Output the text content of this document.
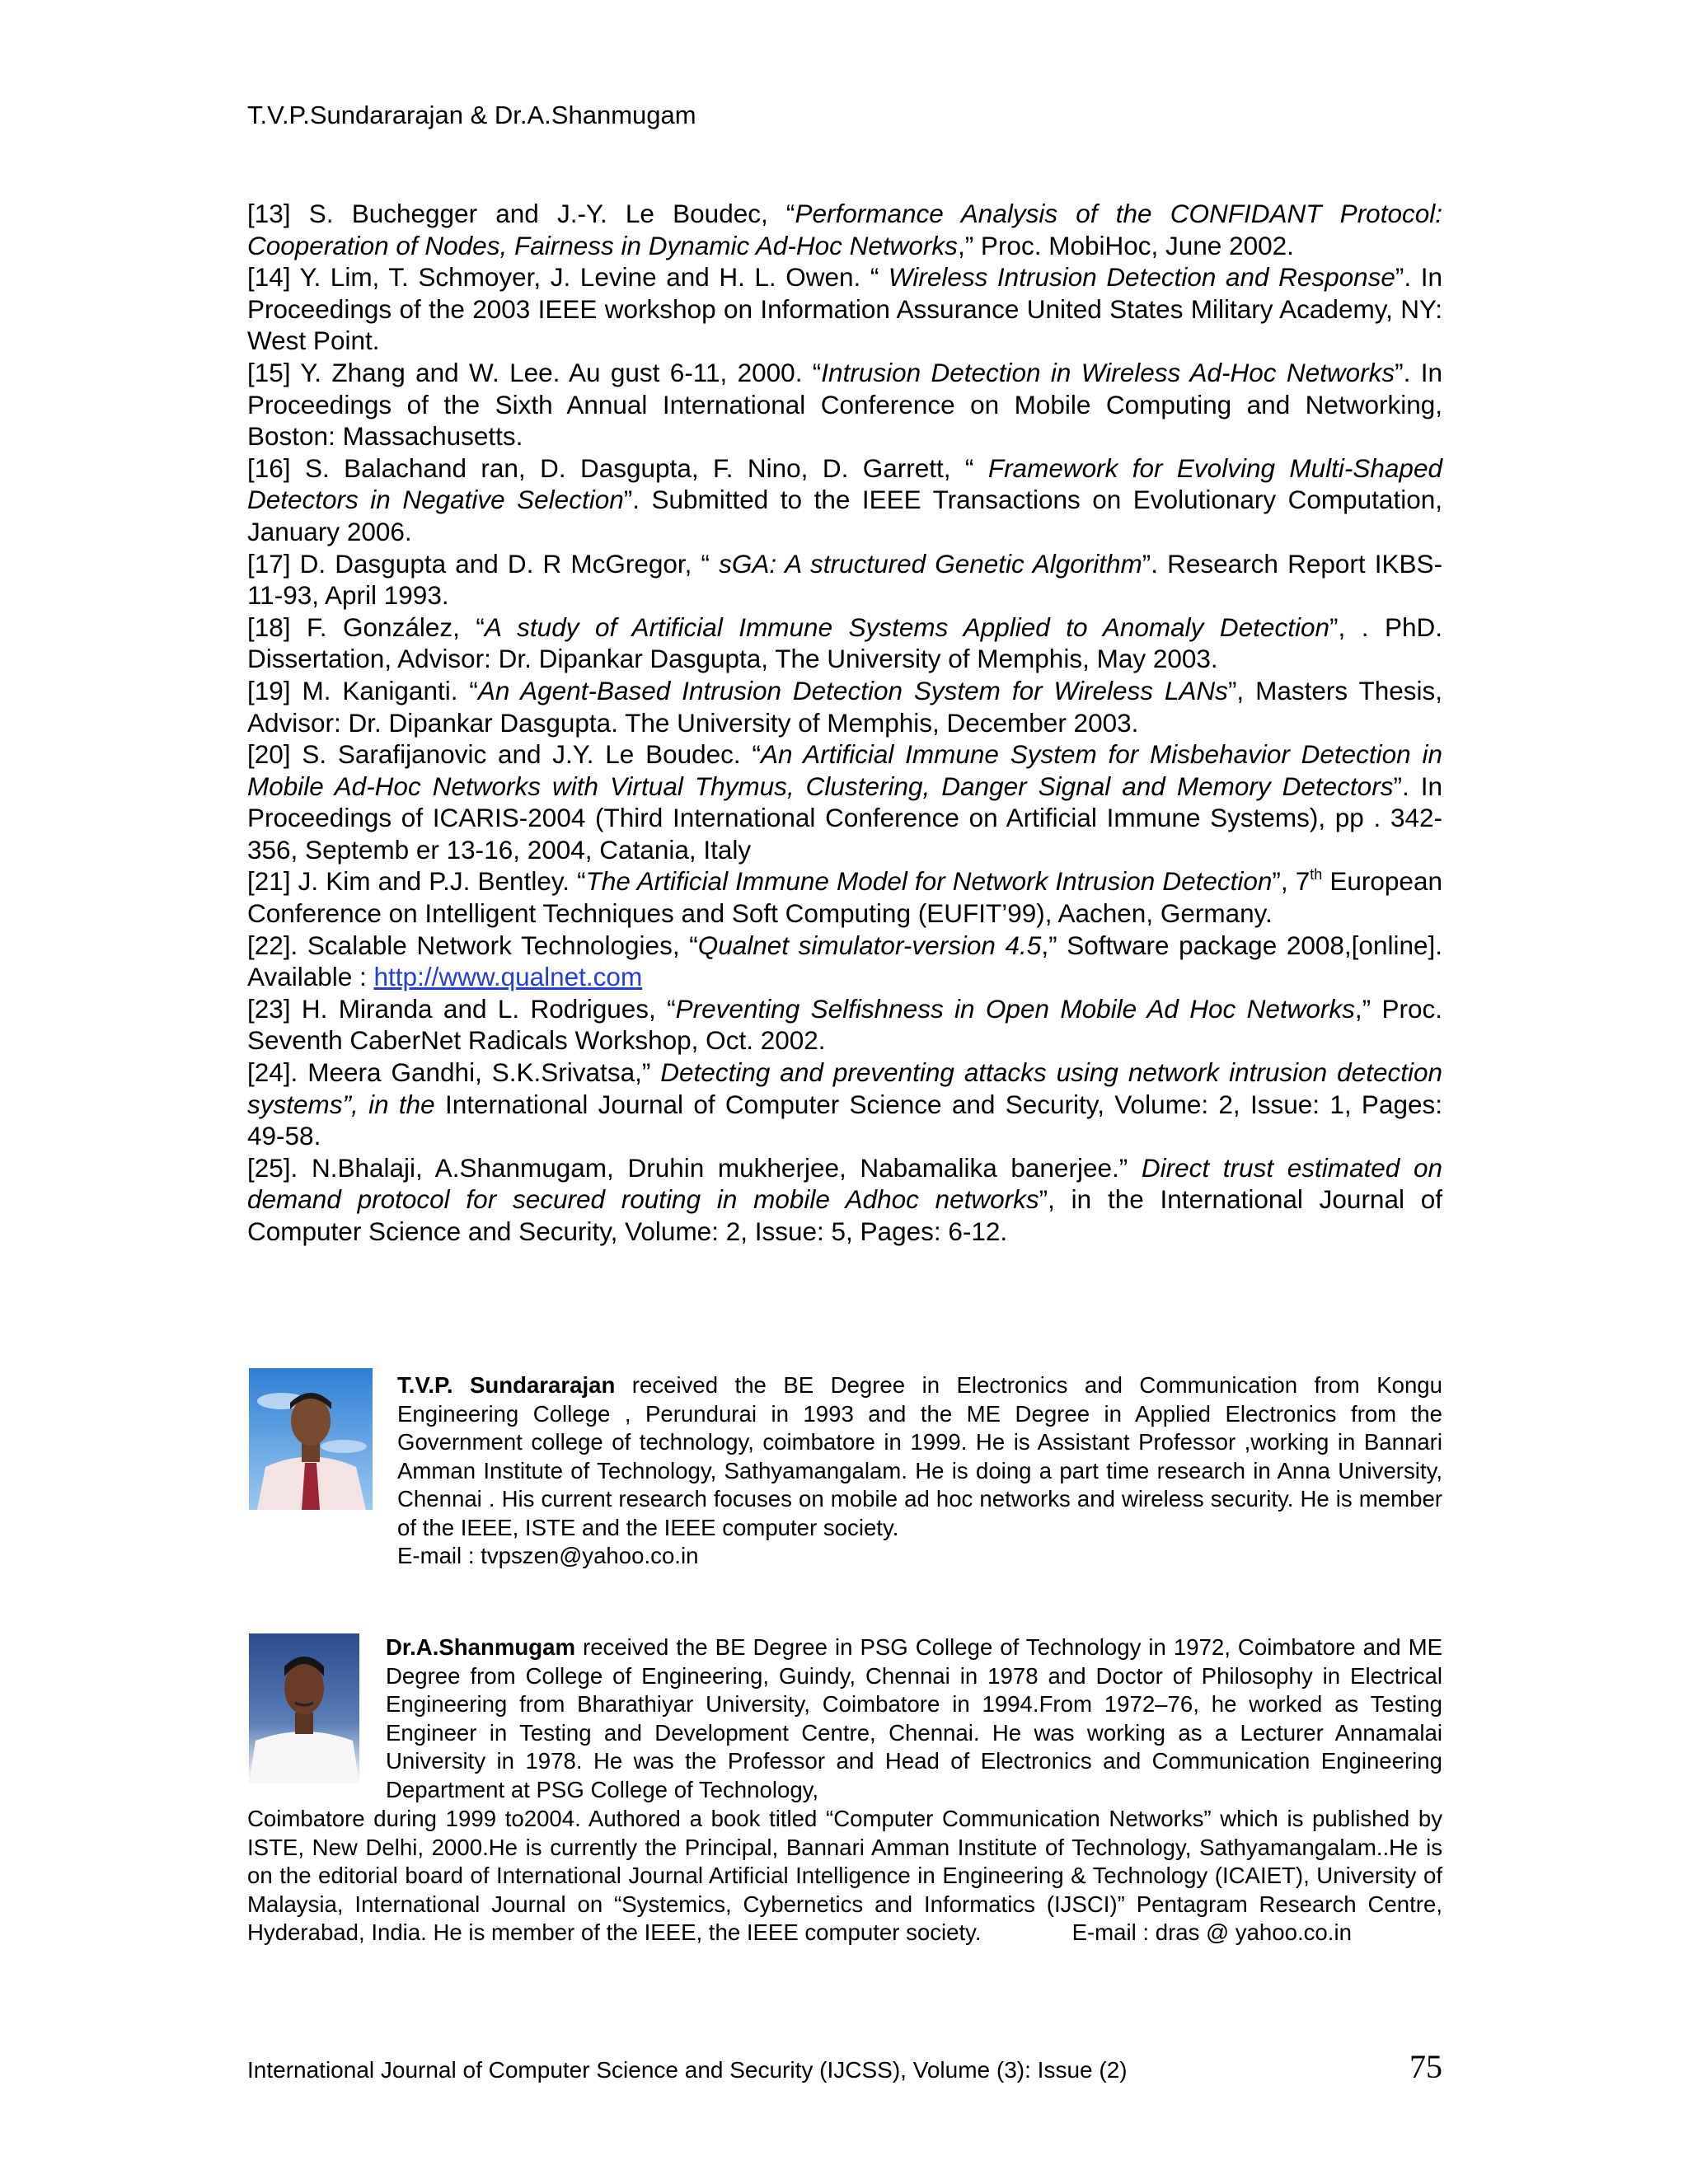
T.V.P.Sundararajan & Dr.A.Shanmugam

[13] S. Buchegger and J.-Y. Le Boudec, “Performance Analysis of the CONFIDANT Protocol: Cooperation of Nodes, Fairness in Dynamic Ad-Hoc Networks,” Proc. MobiHoc, June 2002.

[14] Y. Lim, T. Schmoyer, J. Levine and H. L. Owen. “ Wireless Intrusion Detection and Response”. In Proceedings of the 2003 IEEE workshop on Information Assurance United States Military Academy, NY: West Point.

[15] Y. Zhang and W. Lee. Au gust 6-11, 2000. “Intrusion Detection in Wireless Ad-Hoc Networks”. In Proceedings of the Sixth Annual International Conference on Mobile Computing and Networking, Boston: Massachusetts.

[16] S. Balachand ran, D. Dasgupta, F. Nino, D. Garrett, “ Framework for Evolving Multi-Shaped Detectors in Negative Selection”. Submitted to the IEEE Transactions on Evolutionary Computation, January 2006.

[17] D. Dasgupta and D. R McGregor, “ sGA: A structured Genetic Algorithm”. Research Report IKBS-11-93, April 1993.

[18] F. González, “A study of Artificial Immune Systems Applied to Anomaly Detection”, . PhD. Dissertation, Advisor: Dr. Dipankar Dasgupta, The University of Memphis, May 2003.

[19] M. Kaniganti. “An Agent-Based Intrusion Detection System for Wireless LANs”, Masters Thesis, Advisor: Dr. Dipankar Dasgupta. The University of Memphis, December 2003.

[20] S. Sarafijanovic and J.Y. Le Boudec. “An Artificial Immune System for Misbehavior Detection in Mobile Ad-Hoc Networks with Virtual Thymus, Clustering, Danger Signal and Memory Detectors”. In Proceedings of ICARIS-2004 (Third International Conference on Artificial Immune Systems), pp . 342-356, Septemb er 13-16, 2004, Catania, Italy

[21] J. Kim and P.J. Bentley. “The Artificial Immune Model for Network Intrusion Detection”, 7th European Conference on Intelligent Techniques and Soft Computing (EUFIT’99), Aachen, Germany.

[22]. Scalable Network Technologies, “Qualnet simulator-version 4.5,” Software package 2008,[online]. Available : http://www.qualnet.com

[23] H. Miranda and L. Rodrigues, “Preventing Selfishness in Open Mobile Ad Hoc Networks,” Proc. Seventh CaberNet Radicals Workshop, Oct. 2002.

[24]. Meera Gandhi, S.K.Srivatsa,” Detecting and preventing attacks using network intrusion detection systems”, in the International Journal of Computer Science and Security, Volume: 2, Issue: 1, Pages: 49-58.

[25]. N.Bhalaji, A.Shanmugam, Druhin mukherjee, Nabamalika banerjee.” Direct trust estimated on demand protocol for secured routing in mobile Adhoc networks”, in the International Journal of Computer Science and Security, Volume: 2, Issue: 5, Pages: 6-12.

T.V.P. Sundararajan received the BE Degree in Electronics and Communication from Kongu Engineering College , Perundurai in 1993 and the ME Degree in Applied Electronics from the Government college of technology, coimbatore in 1999. He is Assistant Professor ,working in Bannari Amman Institute of Technology, Sathyamangalam. He is doing a part time research in Anna University, Chennai . His current research focuses on mobile ad hoc networks and wireless security. He is member of the IEEE, ISTE and the IEEE computer society.
E-mail : tvpszen@yahoo.co.in
Dr.A.Shanmugam received the BE Degree in PSG College of Technology in 1972, Coimbatore and ME Degree from College of Engineering, Guindy, Chennai in 1978 and Doctor of Philosophy in Electrical Engineering from Bharathiyar University, Coimbatore in 1994.From 1972–76, he worked as Testing Engineer in Testing and Development Centre, Chennai. He was working as a Lecturer Annamalai University in 1978. He was the Professor and Head of Electronics and Communication Engineering Department at PSG College of Technology,
Coimbatore during 1999 to2004. Authored a book titled “Computer Communication Networks” which is published by ISTE, New Delhi, 2000.He is currently the Principal, Bannari Amman Institute of Technology, Sathyamangalam..He is on the editorial board of International Journal Artificial Intelligence in Engineering & Technology (ICAIET), University of Malaysia, International Journal on “Systemics, Cybernetics and Informatics (IJSCI)” Pentagram Research Centre, Hyderabad, India. He is member of the IEEE, the IEEE computer society.	E-mail : dras @ yahoo.co.in
International Journal of Computer Science and Security (IJCSS), Volume (3): Issue (2)	75
